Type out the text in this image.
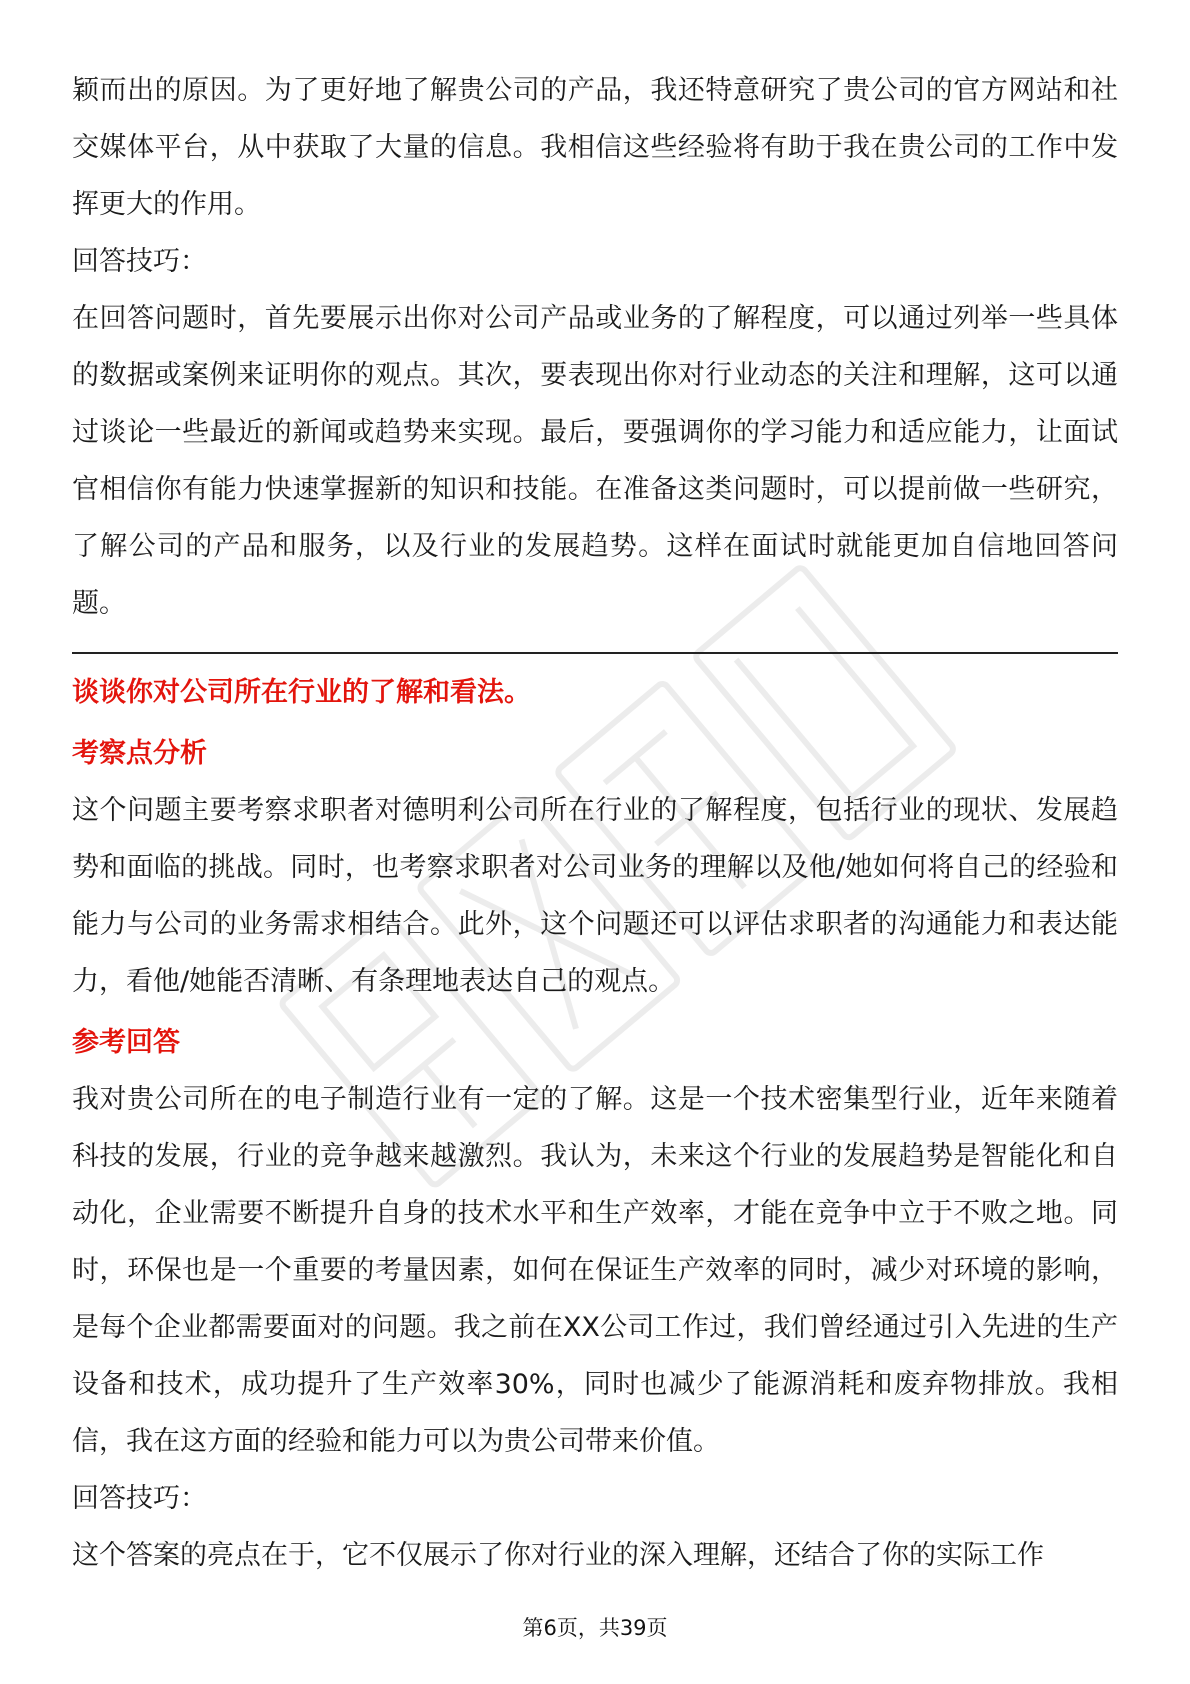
颖而出的原因。为了更好地了解贵公司的产品，我还特意研究了贵公司的官方网站和社交媒体平台，从中获取了大量的信息。我相信这些经验将有助于我在贵公司的工作中发挥更大的作用。

回答技巧：

在回答问题时，首先要展示出你对公司产品或业务的了解程度，可以通过列举一些具体的数据或案例来证明你的观点。其次，要表现出你对行业动态的关注和理解，这可以通过谈论一些最近的新闻或趋势来实现。最后，要强调你的学习能力和适应能力，让面试官相信你有能力快速掌握新的知识和技能。在准备这类问题时，可以提前做一些研究，了解公司的产品和服务，以及行业的发展趋势。这样在面试时就能更加自信地回答问题。

谈谈你对公司所在行业的了解和看法。

考察点分析

这个问题主要考察求职者对德明利公司所在行业的了解程度，包括行业的现状、发展趋势和面临的挑战。同时，也考察求职者对公司业务的理解以及他/她如何将自己的经验和能力与公司的业务需求相结合。此外，这个问题还可以评估求职者的沟通能力和表达能力，看他/她能否清晰、有条理地表达自己的观点。

参考回答

我对贵公司所在的电子制造行业有一定的了解。这是一个技术密集型行业，近年来随着科技的发展，行业的竞争越来越激烈。我认为，未来这个行业的发展趋势是智能化和自动化，企业需要不断提升自身的技术水平和生产效率，才能在竞争中立于不败之地。同时，环保也是一个重要的考量因素，如何在保证生产效率的同时，减少对环境的影响，是每个企业都需要面对的问题。我之前在XX公司工作过，我们曾经通过引入先进的生产设备和技术，成功提升了生产效率30%，同时也减少了能源消耗和废弃物排放。我相信，我在这方面的经验和能力可以为贵公司带来价值。

回答技巧：

这个答案的亮点在于，它不仅展示了你对行业的深入理解，还结合了你的实际工作

第6页，共39页
